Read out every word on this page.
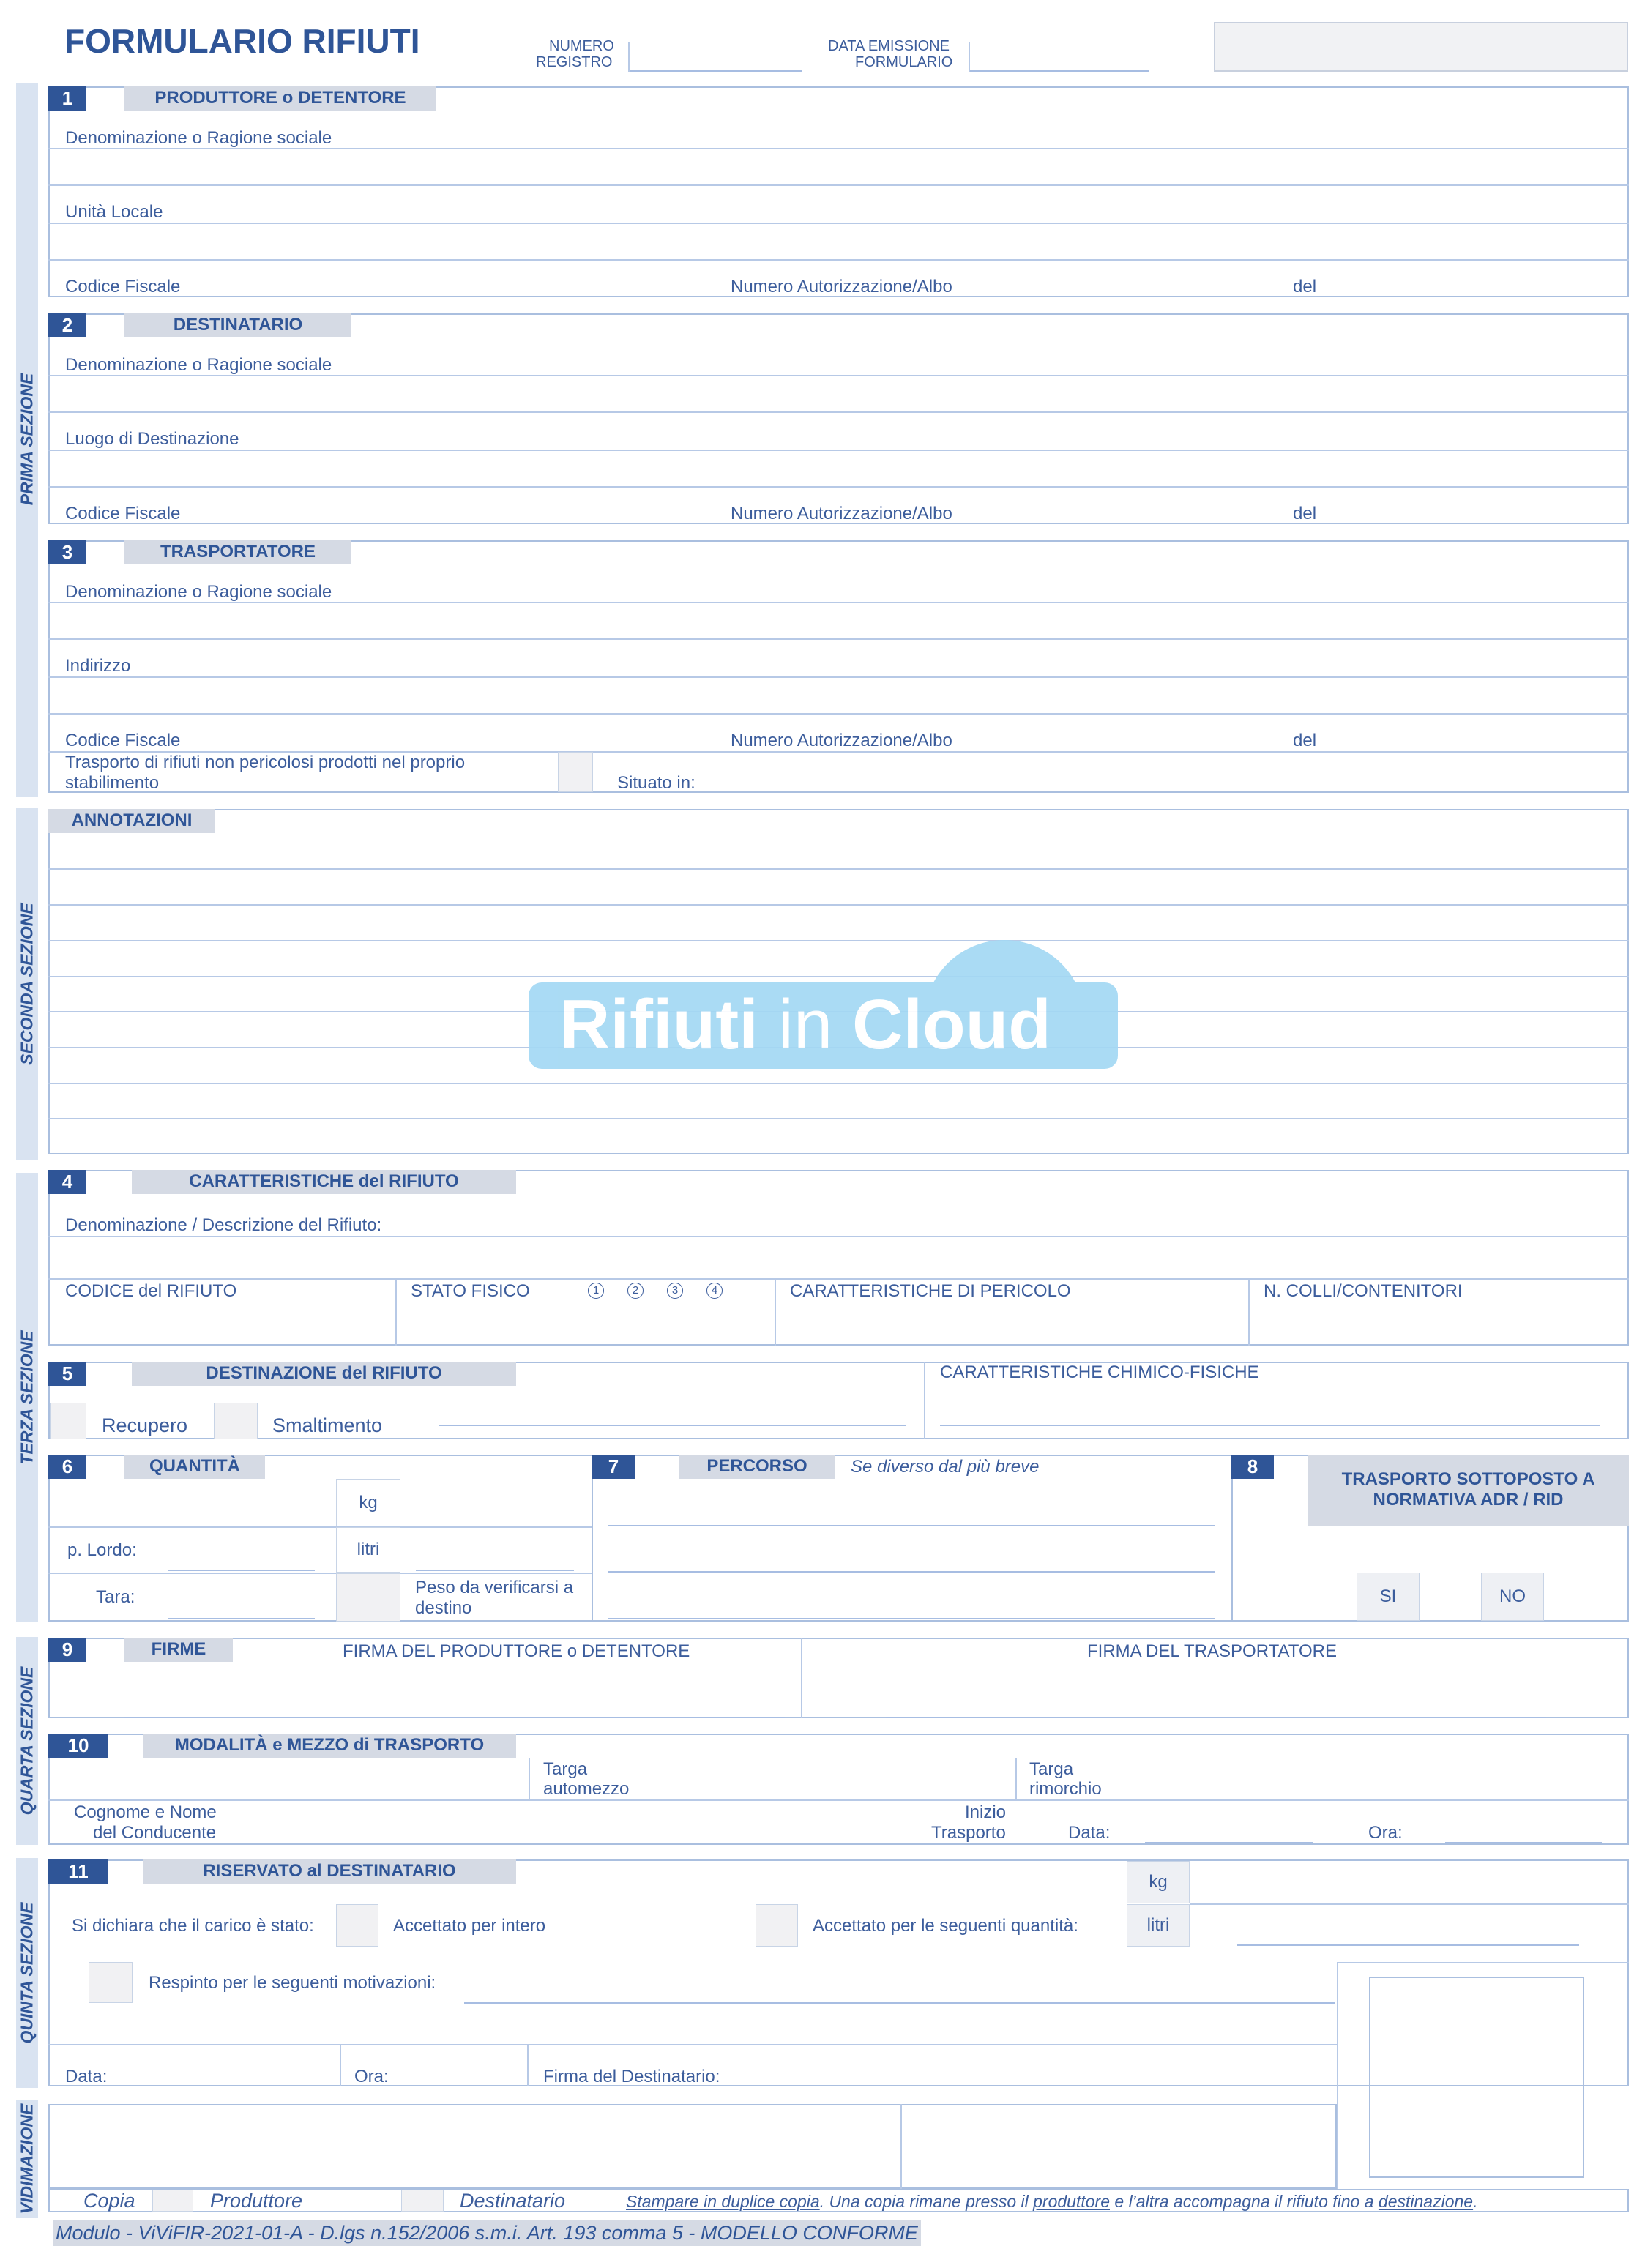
FORMULARIO RIFIUTI	NUMERO
REGISTRO
DATA EMISSIONE
FORMULARIO
PRIMA SEZIONE
SECONDA SEZIONE
TERZA SEZIONE
QUARTA SEZIONE
QUINTA SEZIONE
VIDIMAZIONE
1	PRODUTTORE o DETENTORE
Denominazione o Ragione sociale
Unità Locale
Codice Fiscale	Numero Autorizzazione/Albo	del
2	DESTINATARIO
Denominazione o Ragione sociale
Luogo di Destinazione
Codice Fiscale	Numero Autorizzazione/Albo	del
3	TRASPORTATORE
Denominazione o Ragione sociale
Indirizzo
Codice Fiscale	Numero Autorizzazione/Albo	del
Trasporto di rifiuti non pericolosi prodotti nel proprio
stabilimento	Situato in:
ANNOTAZIONI
Rifiuti in Cloud
4	CARATTERISTICHE del RIFIUTO
Denominazione / Descrizione del Rifiuto:
CODICE del RIFIUTO	STATO FISICO	1	2	3	4	CARATTERISTICHE DI PERICOLO	N. COLLI/CONTENITORI
5	DESTINAZIONE del RIFIUTO	CARATTERISTICHE CHIMICO-FISICHE
Recupero	Smaltimento
6	QUANTITÀ
kg
p. Lordo:	litri
Tara:	Peso da verificarsi a
destino
7	PERCORSO	Se diverso dal più breve	8
TRASPORTO SOTTOPOSTO A
NORMATIVA ADR / RID
SI	NO
9	FIRME	FIRMA DEL PRODUTTORE o DETENTORE	FIRMA DEL TRASPORTATORE
10	MODALITÀ e MEZZO di TRASPORTO
Targa
automezzo
Targa
rimorchio
Cognome e Nome
del Conducente
Inizio
Trasporto	Data:	Ora:
11	RISERVATO al DESTINATARIO
Si dichiara che il carico è stato:	Accettato per intero	Accettato per le seguenti quantità:
kg
litri
Respinto per le seguenti motivazioni:
Data:	Ora:	Firma del Destinatario:
Copia	Produttore	Destinatario	Stampare in duplice copia. Una copia rimane presso il produttore e l’altra accompagna il rifiuto fino a destinazione.
Modulo - ViViFIR-2021-01-A - D.lgs n.152/2006 s.m.i. Art. 193 comma 5 - MODELLO CONFORME
